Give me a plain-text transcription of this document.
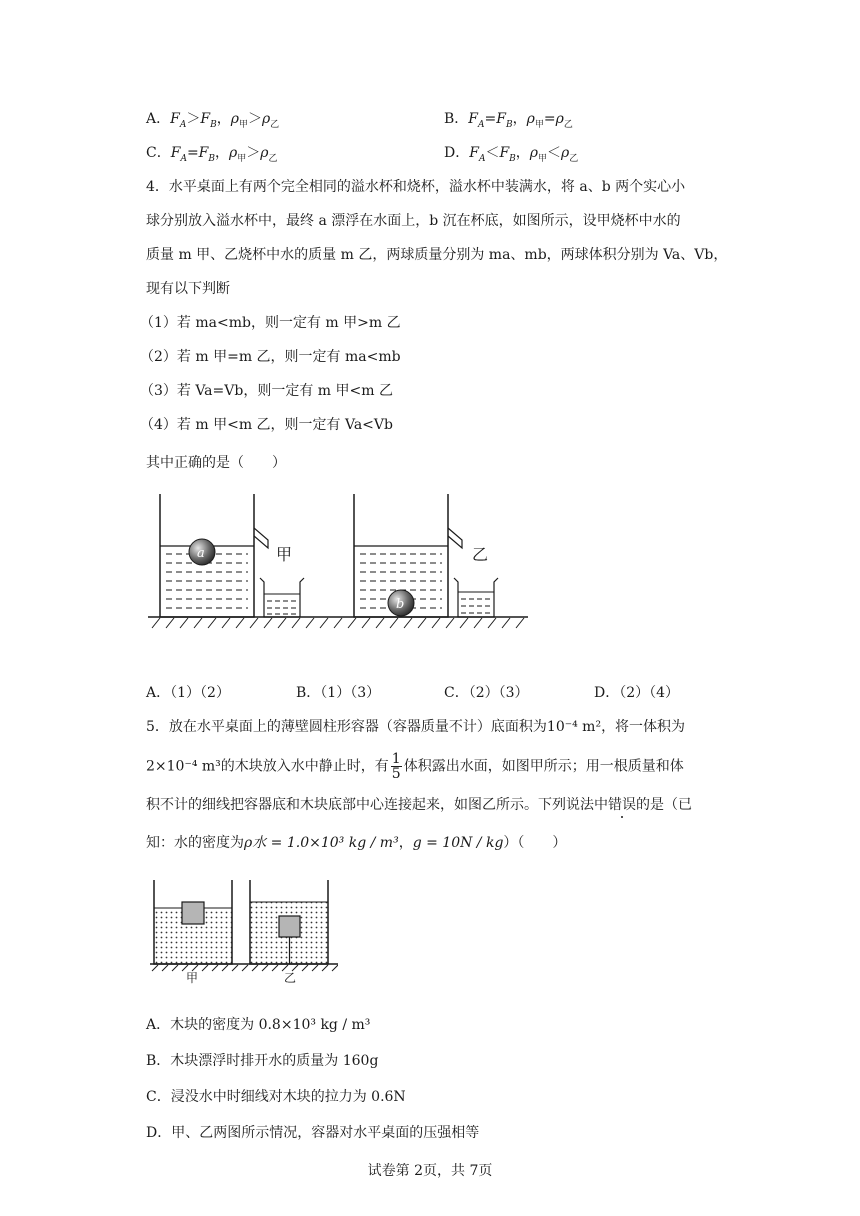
A．$F_A>F_B$，$\rho_甲>\rho_乙$	B．$F_A=F_B$，$\rho_甲=\rho_乙$
C．$F_A=F_B$，$\rho_甲>\rho_乙$	D．$F_A<F_B$，$\rho_甲<\rho_乙$
4．水平桌面上有两个完全相同的溢水杯和烧杯，溢水杯中装满水，将 a、b 两个实心小
球分别放入溢水杯中，最终 a 漂浮在水面上，b 沉在杯底，如图所示，设甲烧杯中水的
质量 m 甲、乙烧杯中水的质量 m 乙，两球质量分别为 ma、mb，两球体积分别为 Va、Vb，
现有以下判断
（1）若 ma<mb，则一定有 m 甲>m 乙
（2）若 m 甲=m 乙，则一定有 ma<mb
（3）若 Va=Vb，则一定有 m 甲<m 乙
（4）若 m 甲<m 乙，则一定有 Va<Vb
其中正确的是（　　）
a	甲
b
乙
A．（1）（2）	B．（1）（3）	C．（2）（3）	D．（2）（4）
5．放在水平桌面上的薄壁圆柱形容器（容器质量不计）底面积为10⁻⁴ m²，将一体积为
2×10⁻⁴ m³的木块放入水中静止时，有 $\frac{1}{5}$ 体积露出水面，如图甲所示；用一根质量和体
积不计的细线把容器底和木块底部中心连接起来，如图乙所示。下列说法中错误的是（已
知：水的密度为ρ水 = 1.0×10³ kg / m³，g = 10N / kg）（　　）
甲	乙
A．木块的密度为 0.8×10³ kg / m³
B．木块漂浮时排开水的质量为 160g
C．浸没水中时细线对木块的拉力为 0.6N
D．甲、乙两图所示情况，容器对水平桌面的压强相等
试卷第 2页，共 7页
